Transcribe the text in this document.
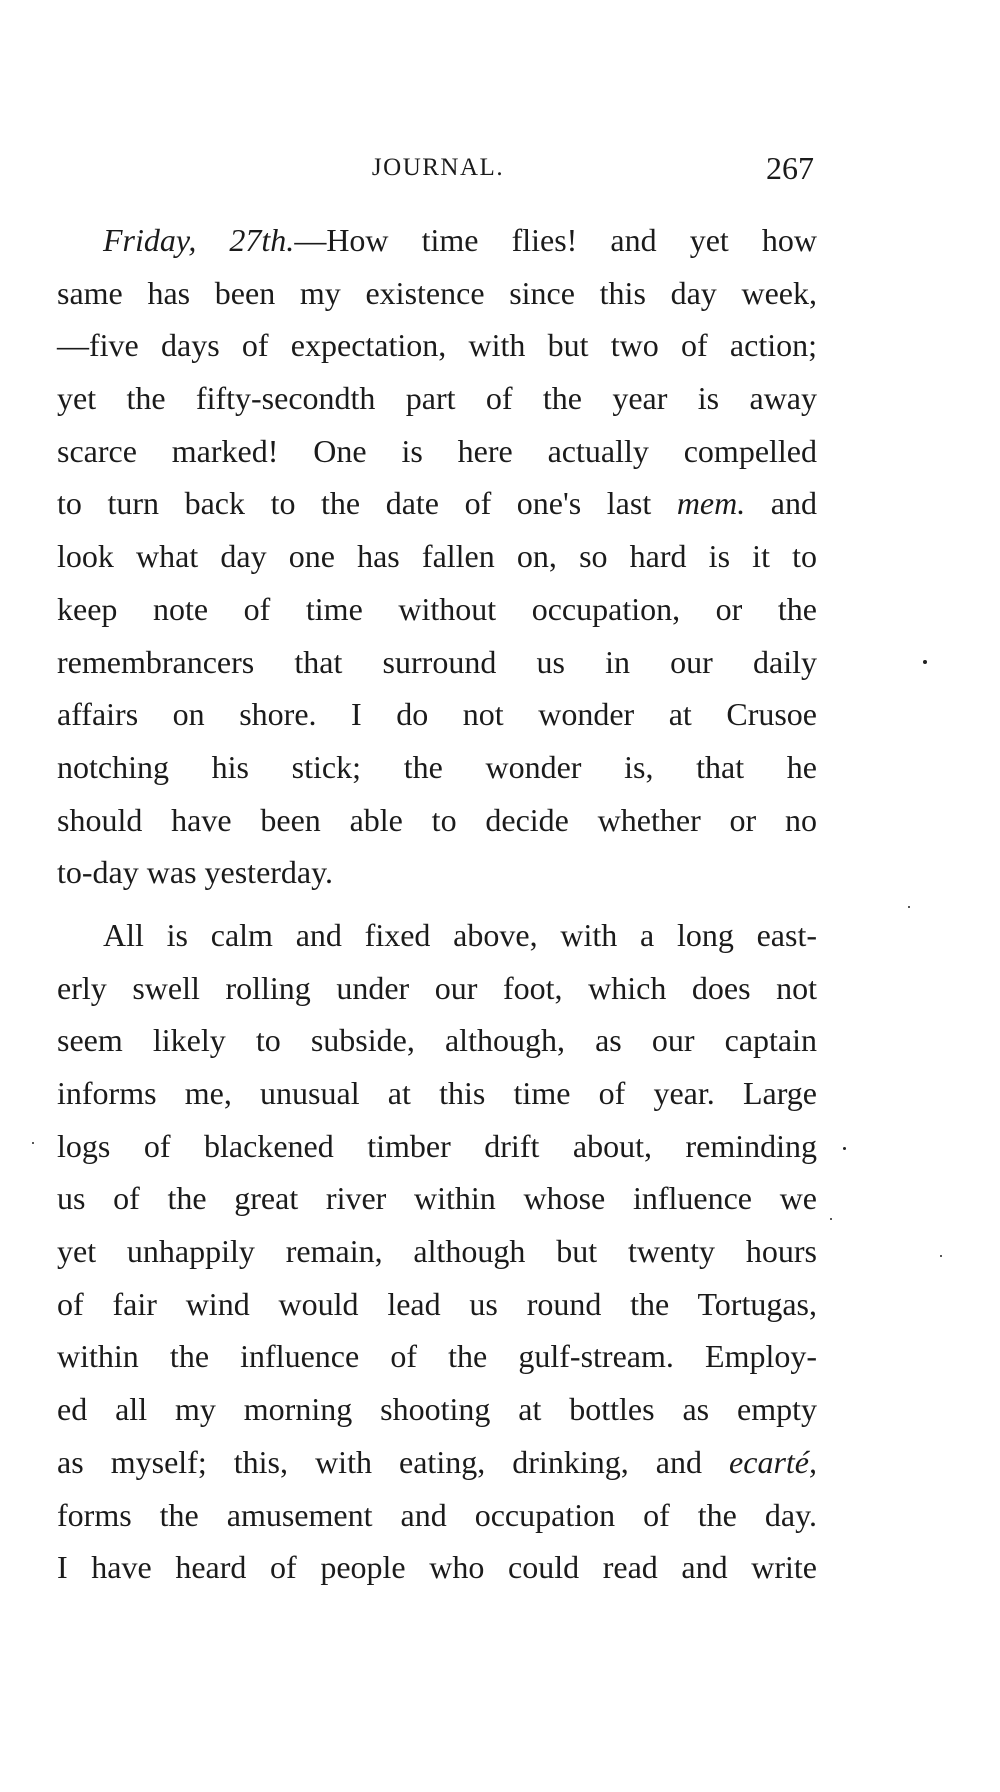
JOURNAL.	267
Friday, 27th.—How time flies! and yet how
same has been my existence since this day week,
—five days of expectation, with but two of action;
yet the fifty-secondth part of the year is away
scarce marked! One is here actually compelled
to turn back to the date of one's last mem. and
look what day one has fallen on, so hard is it to
keep note of time without occupation, or the
remembrancers that surround us in our daily
affairs on shore. I do not wonder at Crusoe
notching his stick; the wonder is, that he
should have been able to decide whether or no
to-day was yesterday.
All is calm and fixed above, with a long east-
erly swell rolling under our foot, which does not
seem likely to subside, although, as our captain
informs me, unusual at this time of year. Large
logs of blackened timber drift about, reminding
us of the great river within whose influence we
yet unhappily remain, although but twenty hours
of fair wind would lead us round the Tortugas,
within the influence of the gulf-stream. Employ-
ed all my morning shooting at bottles as empty
as myself; this, with eating, drinking, and ecarté,
forms the amusement and occupation of the day.
I have heard of people who could read and write
